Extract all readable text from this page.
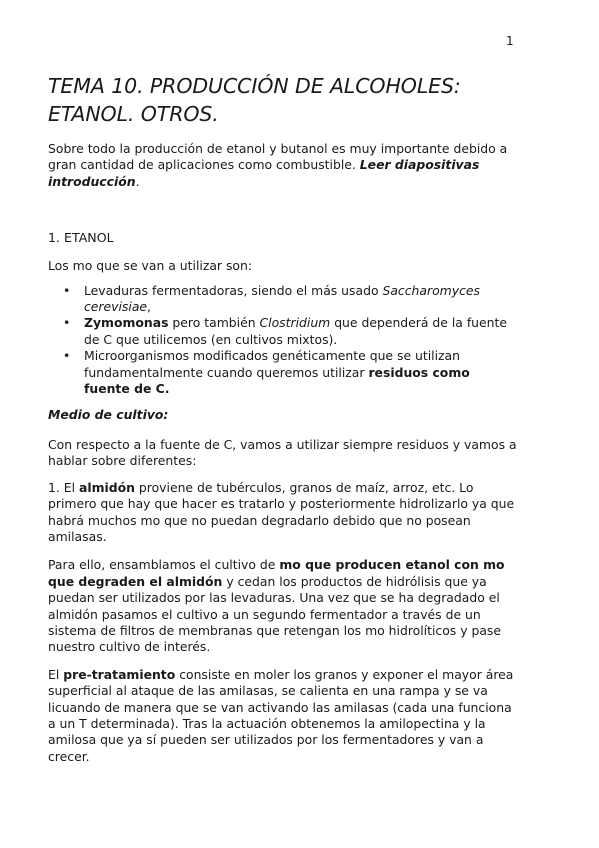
1
TEMA 10. PRODUCCIÓN DE ALCOHOLES:
ETANOL. OTROS.

Sobre todo la producción de etanol y butanol es muy importante debido a gran cantidad de aplicaciones como combustible. Leer diapositivas introducción.

1. ETANOL

Los mo que se van a utilizar son:

• Levaduras fermentadoras, siendo el más usado Saccharomyces cerevisiae,
• Zymomonas pero también Clostridium que dependerá de la fuente de C que utilicemos (en cultivos mixtos).
• Microorganismos modificados genéticamente que se utilizan fundamentalmente cuando queremos utilizar residuos como fuente de C.

Medio de cultivo:

Con respecto a la fuente de C, vamos a utilizar siempre residuos y vamos a hablar sobre diferentes:

1. El almidón proviene de tubérculos, granos de maíz, arroz, etc. Lo primero que hay que hacer es tratarlo y posteriormente hidrolizarlo ya que habrá muchos mo que no puedan degradarlo debido que no posean amilasas.

Para ello, ensamblamos el cultivo de mo que producen etanol con mo que degraden el almidón y cedan los productos de hidrólisis que ya puedan ser utilizados por las levaduras. Una vez que se ha degradado el almidón pasamos el cultivo a un segundo fermentador a través de un sistema de filtros de membranas que retengan los mo hidrolíticos y pase nuestro cultivo de interés.

El pre-tratamiento consiste en moler los granos y exponer el mayor área superficial al ataque de las amilasas, se calienta en una rampa y se va licuando de manera que se van activando las amilasas (cada una funciona a un T determinada). Tras la actuación obtenemos la amilopectina y la amilosa que ya sí pueden ser utilizados por los fermentadores y van a crecer.
